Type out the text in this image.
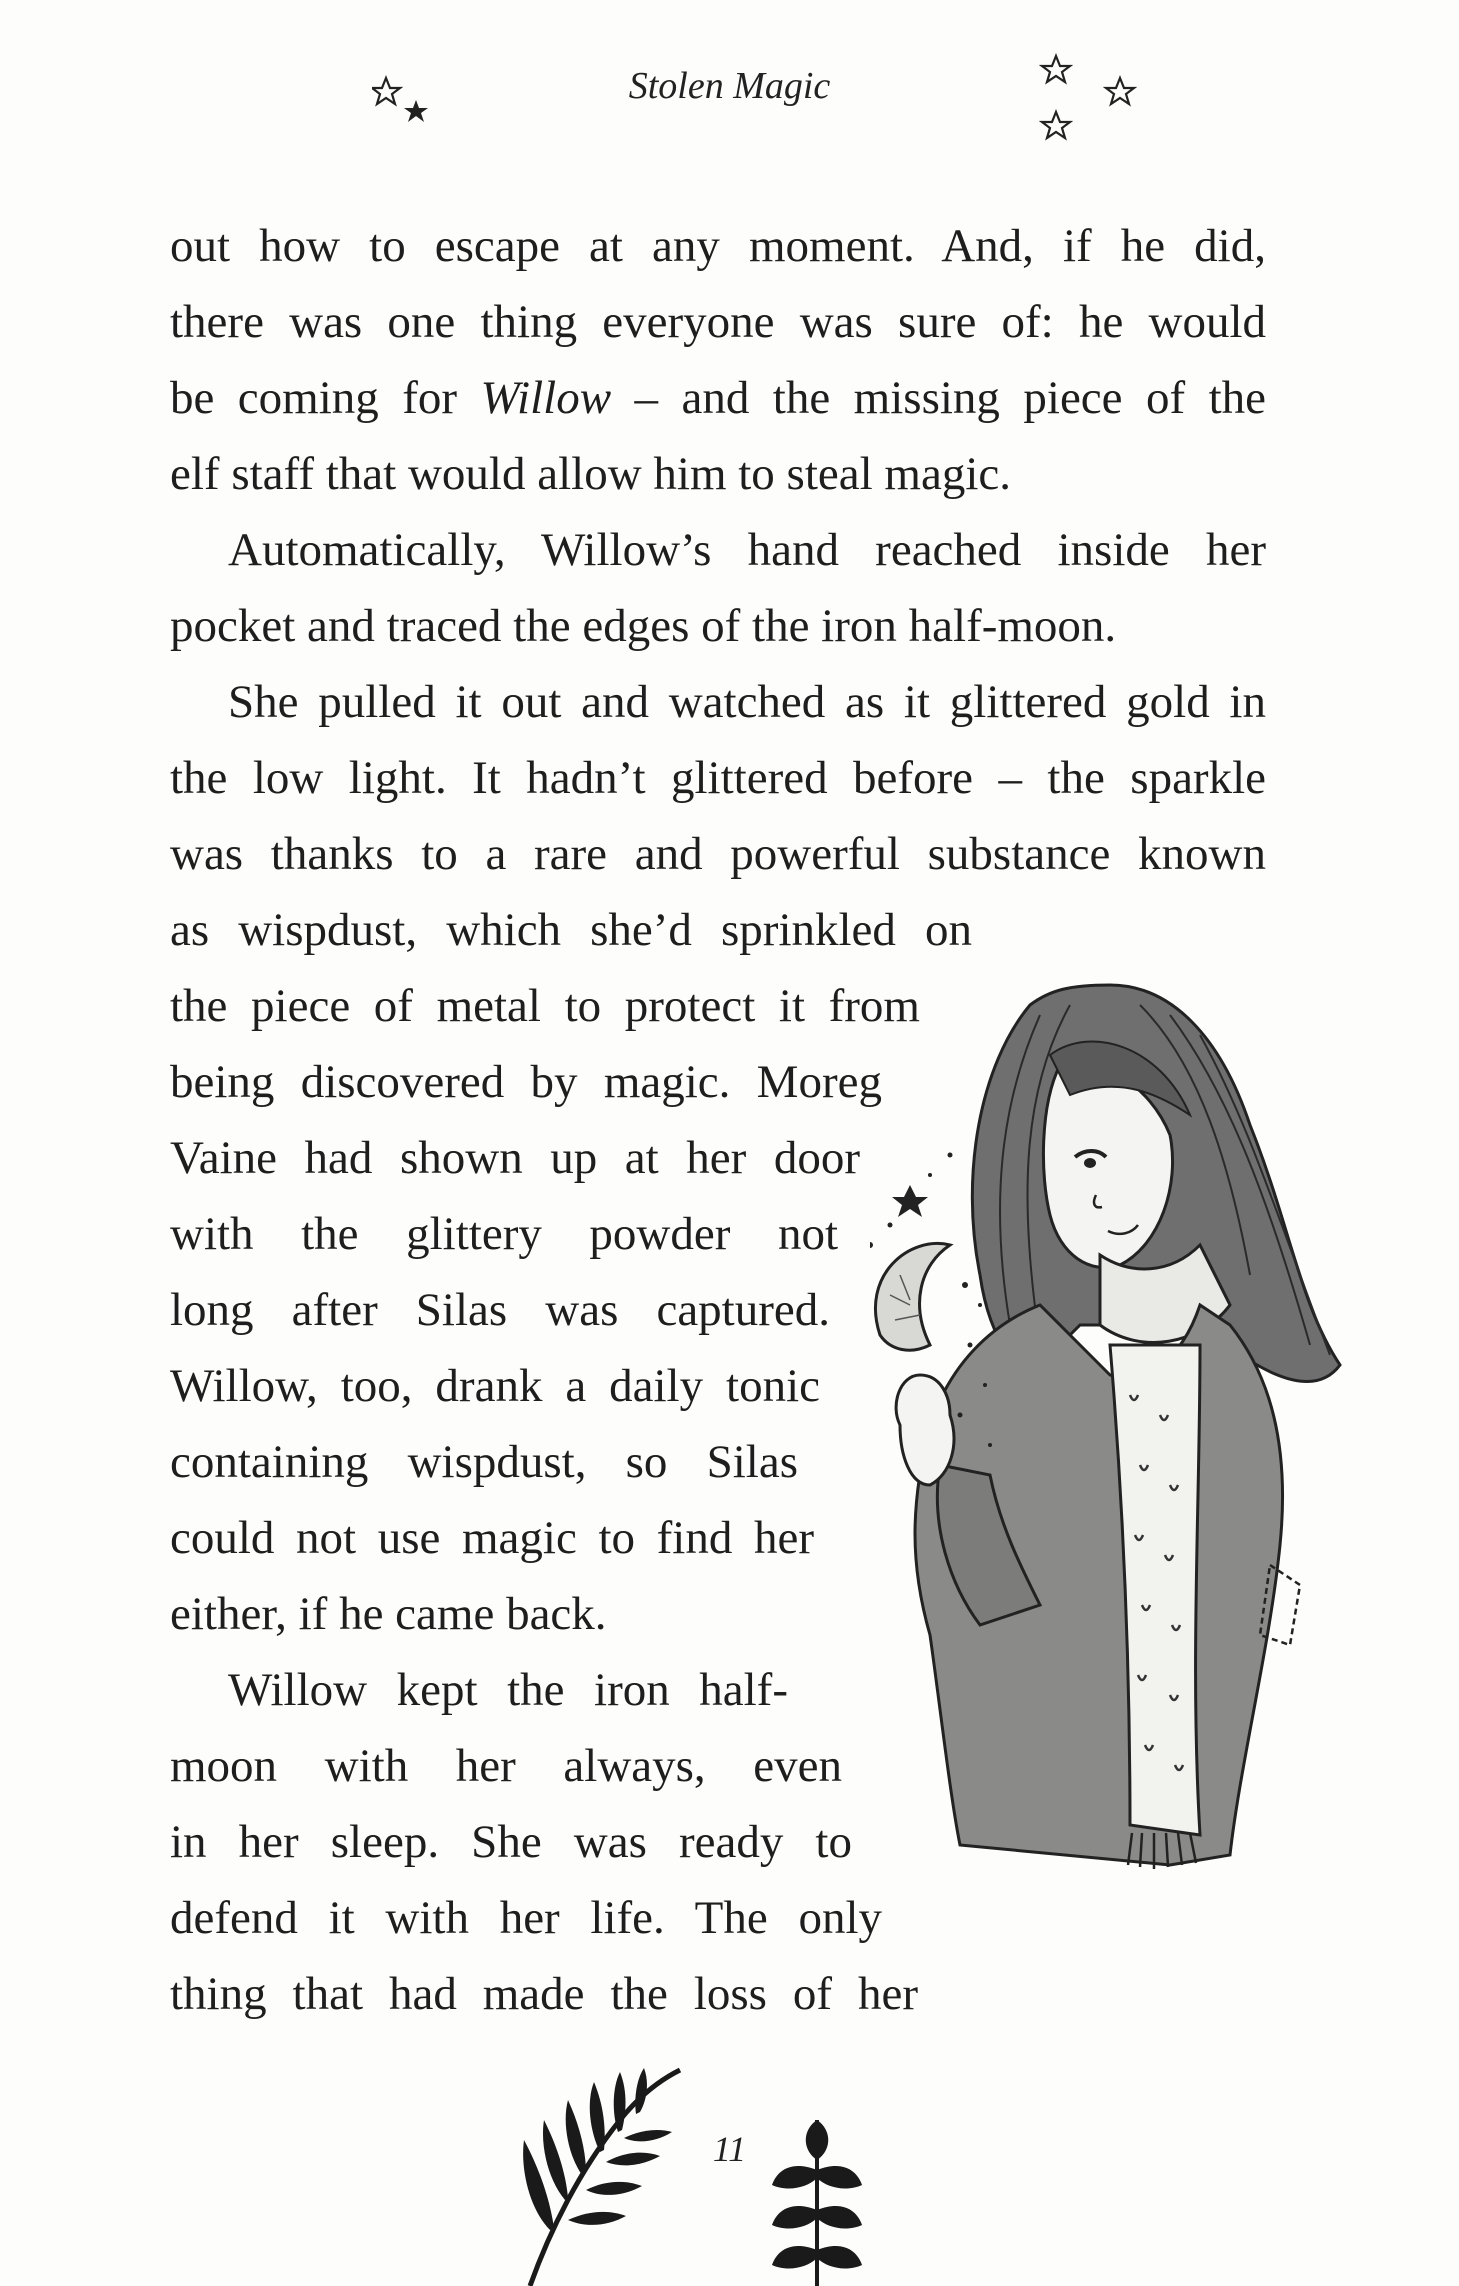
Stolen Magic
out how to escape at any moment. And, if he did,
there was one thing everyone was sure of: he would
be coming for Willow – and the missing piece of the
elf staff that would allow him to steal magic.
Automatically, Willow’s hand reached inside her
pocket and traced the edges of the iron half-moon.
She pulled it out and watched as it glittered gold in
the low light. It hadn’t glittered before – the sparkle
was thanks to a rare and powerful substance known
as wispdust, which she’d sprinkled on
the piece of metal to protect it from
being discovered by magic. Moreg
Vaine had shown up at her door
with the glittery powder not
long after Silas was captured.
Willow, too, drank a daily tonic
containing wispdust, so Silas
could not use magic to find her
either, if he came back.
Willow kept the iron half-
moon with her always, even
in her sleep. She was ready to
defend it with her life. The only
thing that had made the loss of her
11
